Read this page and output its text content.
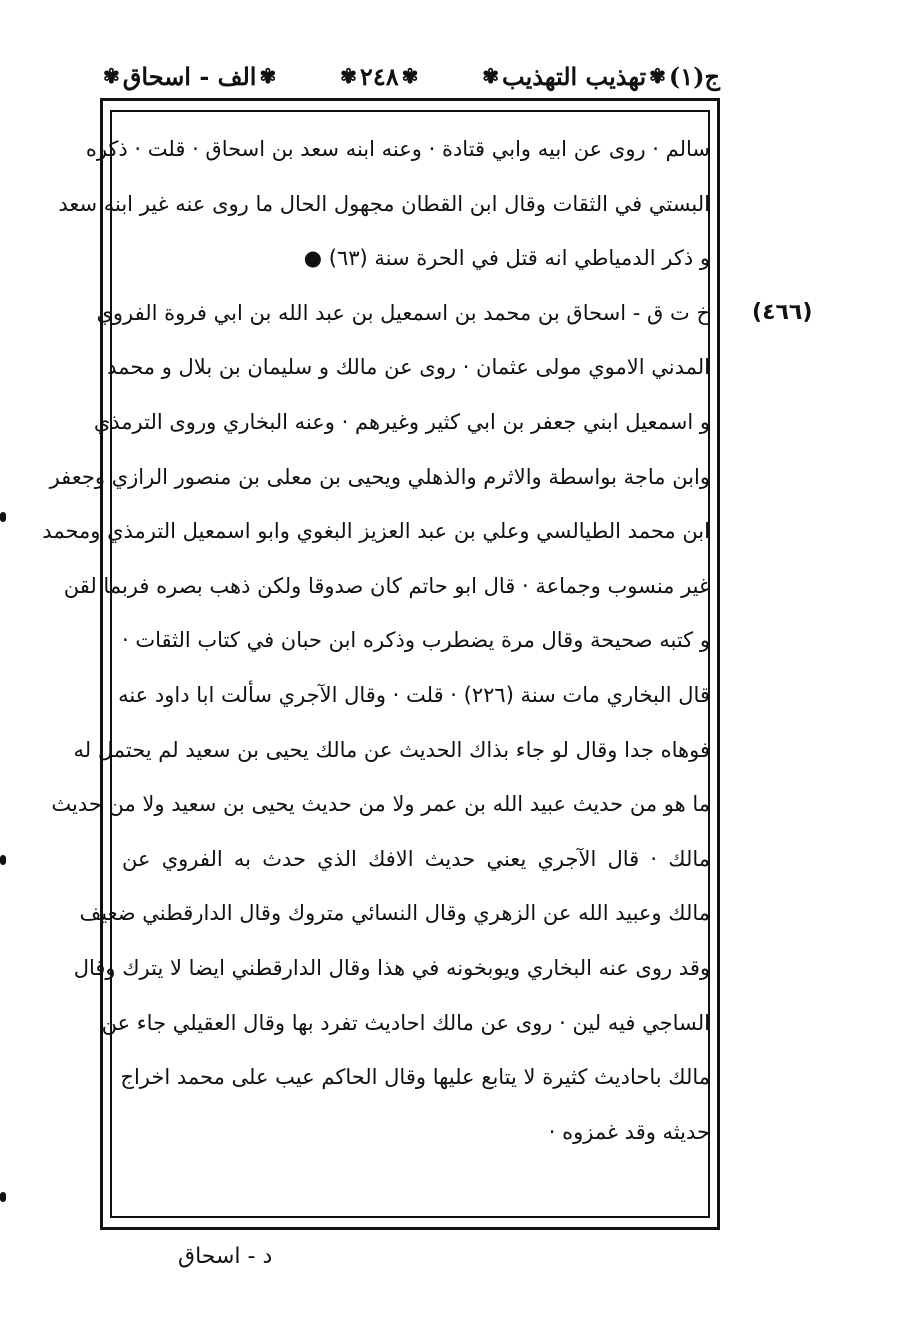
ج(١)
✾
تهذيب التهذيب
✾
✾
٢٤٨
✾
✾
الف - اسحاق
✾
سالم · روى عن ابيه وابي قتادة · وعنه ابنه سعد بن اسحاق · قلت · ذكره
البستي في الثقات وقال ابن القطان مجهول الحال ما روى عنه غير ابنه سعد
و ذكر الدمياطي انه قتل في الحرة سنة (٦٣) ●
خ ت ق - اسحاق بن محمد بن اسمعيل بن عبد الله بن ابي فروة الفروي
المدني الاموي مولى عثمان · روى عن مالك و سليمان بن بلال و محمد
و اسمعيل ابني جعفر بن ابي كثير وغيرهم · وعنه البخاري وروى الترمذي
وابن ماجة بواسطة والاثرم والذهلي ويحيى بن معلى بن منصور الرازي وجعفر
ابن محمد الطيالسي وعلي بن عبد العزيز البغوي وابو اسمعيل الترمذي ومحمد
غير منسوب وجماعة · قال ابو حاتم كان صدوقا ولكن ذهب بصره فربما لقن
و كتبه صحيحة وقال مرة يضطرب وذكره ابن حبان في كتاب الثقات ·
قال البخاري مات سنة (٢٢٦) · قلت · وقال الآجري سألت ابا داود عنه
فوهاه جدا وقال لو جاء بذاك الحديث عن مالك يحيى بن سعيد لم يحتمل له
ما هو من حديث عبيد الله بن عمر ولا من حديث يحيى بن سعيد ولا من حديث
مالك · قال الآجري يعني حديث الافك الذي حدث به الفروي عن
مالك وعبيد الله عن الزهري وقال النسائي متروك وقال الدارقطني ضعيف
وقد روى عنه البخاري ويوبخونه في هذا وقال الدارقطني ايضا لا يترك وقال
الساجي فيه لين · روى عن مالك احاديث تفرد بها وقال العقيلي جاء عن
مالك باحاديث كثيرة لا يتابع عليها وقال الحاكم عيب على محمد اخراج
حديثه وقد غمزوه ·
(٤٦٦)
د - اسحاق
